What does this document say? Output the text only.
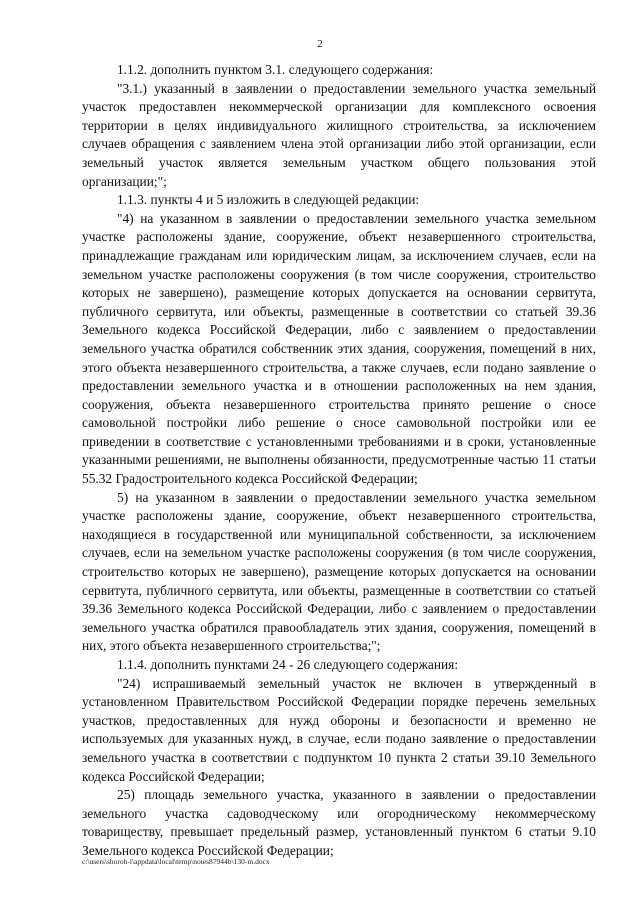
2

1.1.2. дополнить пунктом 3.1. следующего содержания:

"3.1.) указанный в заявлении о предоставлении земельного участка земельный участок предоставлен некоммерческой организации для комплексного освоения территории в целях индивидуального жилищного строительства, за исключением случаев обращения с заявлением члена этой организации либо этой организации, если земельный участок является земельным участком общего пользования этой организации;";

1.1.3. пункты 4 и 5 изложить в следующей редакции:

"4) на указанном в заявлении о предоставлении земельного участка земельном участке расположены здание, сооружение, объект незавершенного строительства, принадлежащие гражданам или юридическим лицам, за исключением случаев, если на земельном участке расположены сооружения (в том числе сооружения, строительство которых не завершено), размещение которых допускается на основании сервитута, публичного сервитута, или объекты, размещенные в соответствии со статьей 39.36 Земельного кодекса Российской Федерации, либо с заявлением о предоставлении земельного участка обратился собственник этих здания, сооружения, помещений в них, этого объекта незавершенного строительства, а также случаев, если подано заявление о предоставлении земельного участка и в отношении расположенных на нем здания, сооружения, объекта незавершенного строительства принято решение о сносе самовольной постройки либо решение о сносе самовольной постройки или ее приведении в соответствие с установленными требованиями и в сроки, установленные указанными решениями, не выполнены обязанности, предусмотренные частью 11 статьи 55.32 Градостроительного кодекса Российской Федерации;

5) на указанном в заявлении о предоставлении земельного участка земельном участке расположены здание, сооружение, объект незавершенного строительства, находящиеся в государственной или муниципальной собственности, за исключением случаев, если на земельном участке расположены сооружения (в том числе сооружения, строительство которых не завершено), размещение которых допускается на основании сервитута, публичного сервитута, или объекты, размещенные в соответствии со статьей 39.36 Земельного кодекса Российской Федерации, либо с заявлением о предоставлении земельного участка обратился правообладатель этих здания, сооружения, помещений в них, этого объекта незавершенного строительства;";

1.1.4. дополнить пунктами 24 - 26 следующего содержания:

"24) испрашиваемый земельный участок не включен в утвержденный в установленном Правительством Российской Федерации порядке перечень земельных участков, предоставленных для нужд обороны и безопасности и временно не используемых для указанных нужд, в случае, если подано заявление о предоставлении земельного участка в соответствии с подпунктом 10 пункта 2 статьи 39.10 Земельного кодекса Российской Федерации;

25) площадь земельного участка, указанного в заявлении о предоставлении земельного участка садоводческому или огородническому некоммерческому товариществу, превышает предельный размер, установленный пунктом 6 статьи 9.10 Земельного кодекса Российской Федерации;

c:\users\shoroh-l\appdata\local\temp\notes87944b\130-m.docx
